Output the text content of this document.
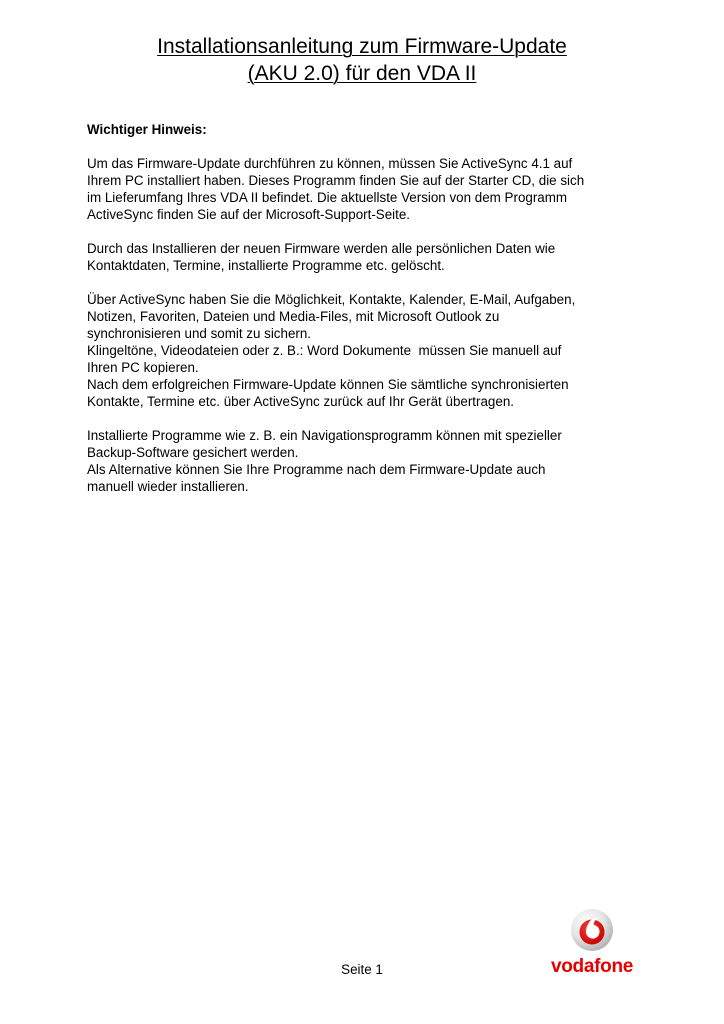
Installationsanleitung zum Firmware-Update
(AKU 2.0) für den VDA II
Wichtiger Hinweis:
Um das Firmware-Update durchführen zu können, müssen Sie ActiveSync 4.1 auf
Ihrem PC installiert haben. Dieses Programm finden Sie auf der Starter CD, die sich
im Lieferumfang Ihres VDA II befindet. Die aktuellste Version von dem Programm
ActiveSync finden Sie auf der Microsoft-Support-Seite.
Durch das Installieren der neuen Firmware werden alle persönlichen Daten wie
Kontaktdaten, Termine, installierte Programme etc. gelöscht.
Über ActiveSync haben Sie die Möglichkeit, Kontakte, Kalender, E-Mail, Aufgaben,
Notizen, Favoriten, Dateien und Media-Files, mit Microsoft Outlook zu
synchronisieren und somit zu sichern.
Klingeltöne, Videodateien oder z. B.: Word Dokumente  müssen Sie manuell auf
Ihren PC kopieren.
Nach dem erfolgreichen Firmware-Update können Sie sämtliche synchronisierten
Kontakte, Termine etc. über ActiveSync zurück auf Ihr Gerät übertragen.
Installierte Programme wie z. B. ein Navigationsprogramm können mit spezieller
Backup-Software gesichert werden.
Als Alternative können Sie Ihre Programme nach dem Firmware-Update auch
manuell wieder installieren.
Seite 1	vodafone
